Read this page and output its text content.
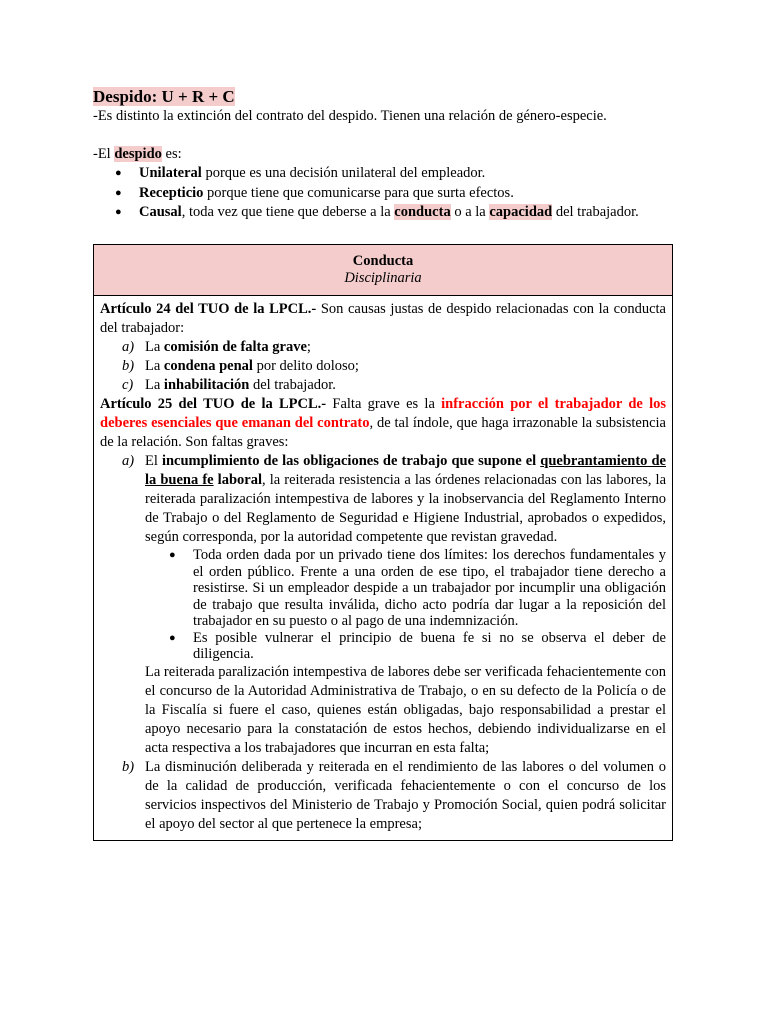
Despido: U + R + C

-Es distinto la extinción del contrato del despido. Tienen una relación de género-especie.

-El despido es:

● Unilateral porque es una decisión unilateral del empleador.
● Recepticio porque tiene que comunicarse para que surta efectos.
● Causal, toda vez que tiene que deberse a la conducta o a la capacidad del trabajador.
Conducta
Disciplinaria
Artículo 24 del TUO de la LPCL.- Son causas justas de despido relacionadas con la conducta del trabajador:
a) La comisión de falta grave;
b) La condena penal por delito doloso;
c) La inhabilitación del trabajador.
Artículo 25 del TUO de la LPCL.- Falta grave es la infracción por el trabajador de los deberes esenciales que emanan del contrato, de tal índole, que haga irrazonable la subsistencia de la relación. Son faltas graves:
a) El incumplimiento de las obligaciones de trabajo que supone el quebrantamiento de la buena fe laboral, la reiterada resistencia a las órdenes relacionadas con las labores, la reiterada paralización intempestiva de labores y la inobservancia del Reglamento Interno de Trabajo o del Reglamento de Seguridad e Higiene Industrial, aprobados o expedidos, según corresponda, por la autoridad competente que revistan gravedad.
● Toda orden dada por un privado tiene dos límites: los derechos fundamentales y el orden público. Frente a una orden de ese tipo, el trabajador tiene derecho a resistirse. Si un empleador despide a un trabajador por incumplir una obligación de trabajo que resulta inválida, dicho acto podría dar lugar a la reposición del trabajador en su puesto o al pago de una indemnización.
● Es posible vulnerar el principio de buena fe si no se observa el deber de diligencia.
La reiterada paralización intempestiva de labores debe ser verificada fehacientemente con el concurso de la Autoridad Administrativa de Trabajo, o en su defecto de la Policía o de la Fiscalía si fuere el caso, quienes están obligadas, bajo responsabilidad a prestar el apoyo necesario para la constatación de estos hechos, debiendo individualizarse en el acta respectiva a los trabajadores que incurran en esta falta;
b) La disminución deliberada y reiterada en el rendimiento de las labores o del volumen o de la calidad de producción, verificada fehacientemente o con el concurso de los servicios inspectivos del Ministerio de Trabajo y Promoción Social, quien podrá solicitar el apoyo del sector al que pertenece la empresa;
